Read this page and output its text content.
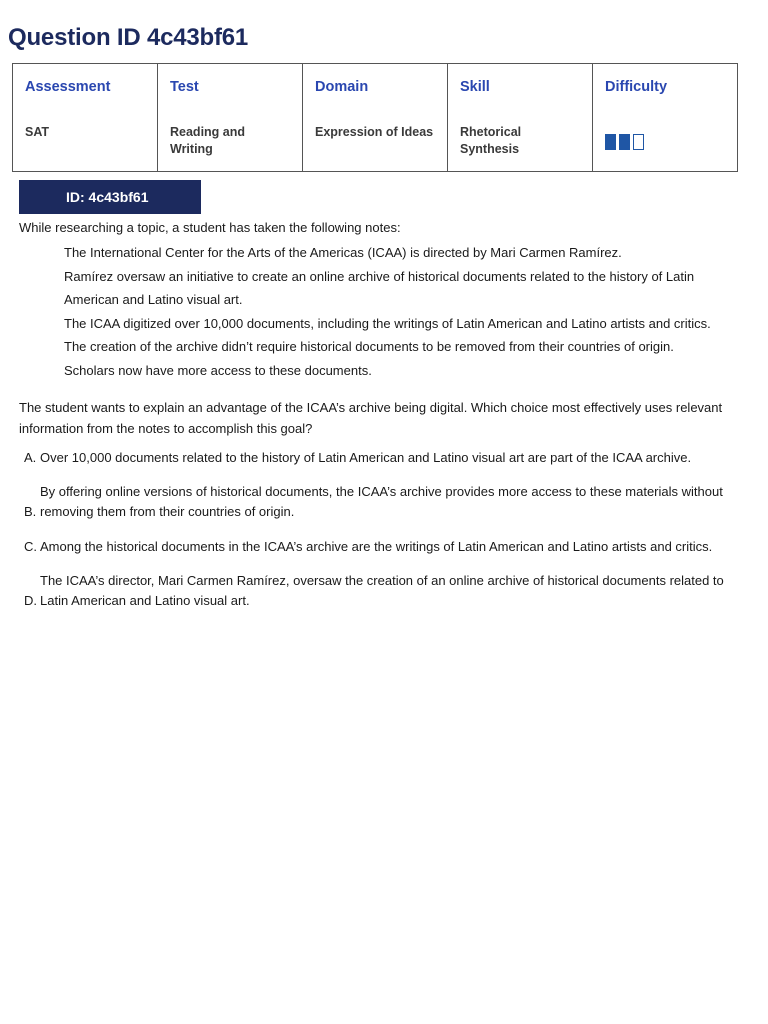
Question ID 4c43bf61
Assessment	Test	Domain	Skill	Difficulty
SAT	Reading and Writing	Expression of Ideas	Rhetorical Synthesis	
ID: 4c43bf61
While researching a topic, a student has taken the following notes:
The International Center for the Arts of the Americas (ICAA) is directed by Mari Carmen Ramírez.
Ramírez oversaw an initiative to create an online archive of historical documents related to the history of Latin American and Latino visual art.
The ICAA digitized over 10,000 documents, including the writings of Latin American and Latino artists and critics.
The creation of the archive didn’t require historical documents to be removed from their countries of origin.
Scholars now have more access to these documents.
The student wants to explain an advantage of the ICAA’s archive being digital. Which choice most effectively uses relevant information from the notes to accomplish this goal?
A. Over 10,000 documents related to the history of Latin American and Latino visual art are part of the ICAA archive.
B.
By offering online versions of historical documents, the ICAA’s archive provides more access to these materials without removing them from their countries of origin.
C. Among the historical documents in the ICAA’s archive are the writings of Latin American and Latino artists and critics.
D.
The ICAA’s director, Mari Carmen Ramírez, oversaw the creation of an online archive of historical documents related to Latin American and Latino visual art.
